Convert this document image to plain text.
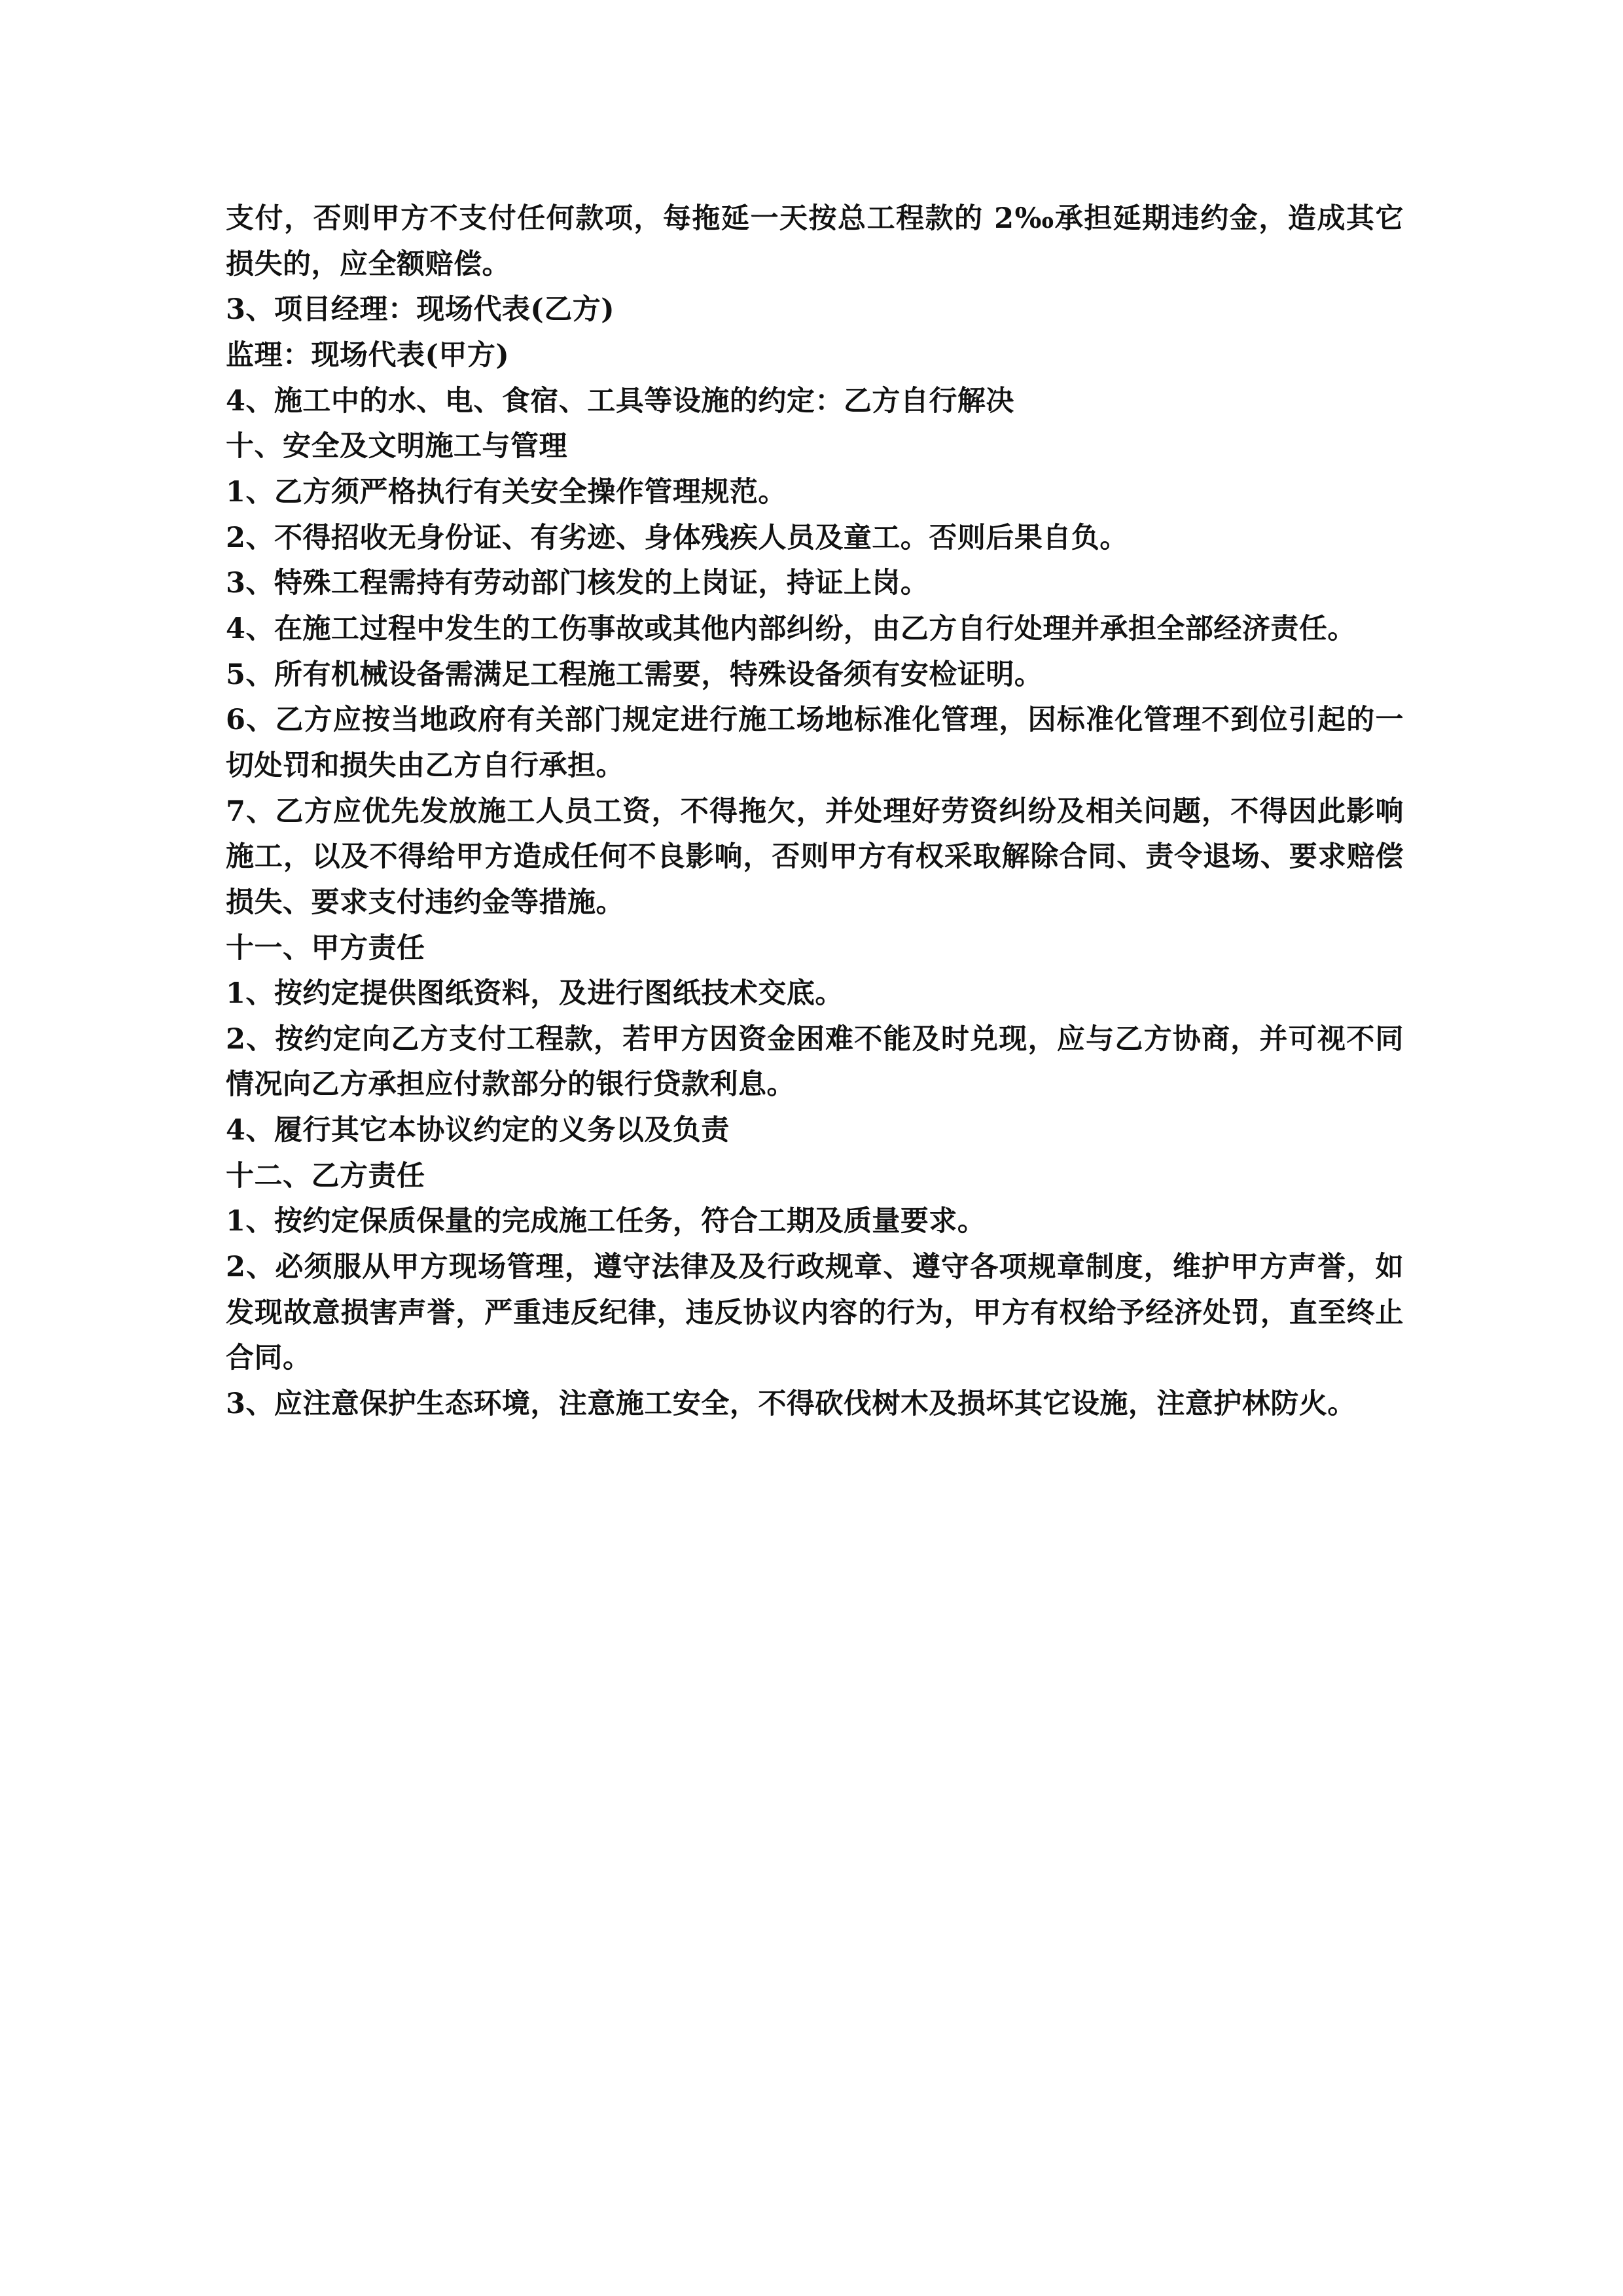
支付，否则甲方不支付任何款项，每拖延一天按总工程款的 2‰承担延期违约金，造成其它损失的，应全额赔偿。

3、项目经理：现场代表(乙方)

监理：现场代表(甲方)

4、施工中的水、电、食宿、工具等设施的约定：乙方自行解决

十、安全及文明施工与管理

1、乙方须严格执行有关安全操作管理规范。

2、不得招收无身份证、有劣迹、身体残疾人员及童工。否则后果自负。

3、特殊工程需持有劳动部门核发的上岗证，持证上岗。

4、在施工过程中发生的工伤事故或其他内部纠纷，由乙方自行处理并承担全部经济责任。

5、所有机械设备需满足工程施工需要，特殊设备须有安检证明。

6、乙方应按当地政府有关部门规定进行施工场地标准化管理，因标准化管理不到位引起的一切处罚和损失由乙方自行承担。

7、乙方应优先发放施工人员工资，不得拖欠，并处理好劳资纠纷及相关问题，不得因此影响施工，以及不得给甲方造成任何不良影响，否则甲方有权采取解除合同、责令退场、要求赔偿损失、要求支付违约金等措施。

十一、甲方责任

1、按约定提供图纸资料，及进行图纸技术交底。

2、按约定向乙方支付工程款，若甲方因资金困难不能及时兑现，应与乙方协商，并可视不同情况向乙方承担应付款部分的银行贷款利息。

4、履行其它本协议约定的义务以及负责

十二、乙方责任

1、按约定保质保量的完成施工任务，符合工期及质量要求。

2、必须服从甲方现场管理，遵守法律及及行政规章、遵守各项规章制度，维护甲方声誉，如发现故意损害声誉，严重违反纪律，违反协议内容的行为，甲方有权给予经济处罚，直至终止合同。

3、应注意保护生态环境，注意施工安全，不得砍伐树木及损坏其它设施，注意护林防火。
